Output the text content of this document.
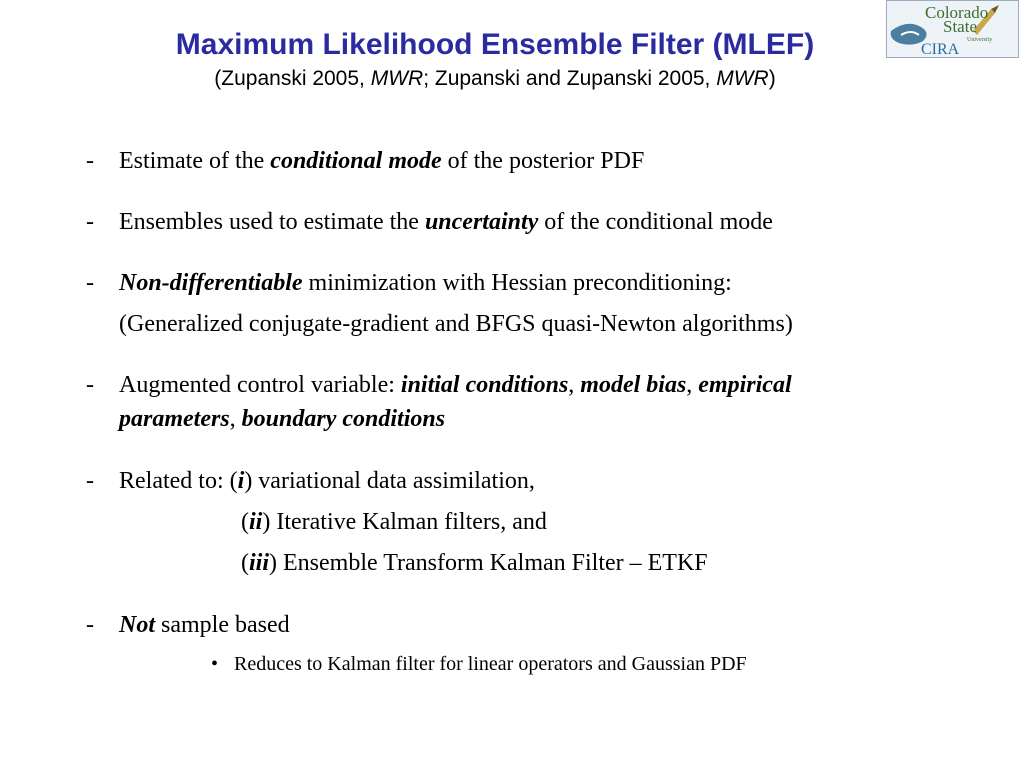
Maximum Likelihood Ensemble Filter (MLEF)
(Zupanski 2005, MWR; Zupanski and Zupanski 2005, MWR)
Colorado
State
University
CIRA
- Estimate of the conditional mode of the posterior PDF
- Ensembles used to estimate the uncertainty of the conditional mode
- Non-differentiable minimization with Hessian preconditioning:
(Generalized conjugate-gradient and BFGS quasi-Newton algorithms)
- Augmented control variable: initial conditions, model bias, empirical
parameters, boundary conditions
- Related to: (i) variational data assimilation,
(ii) Iterative Kalman filters, and
(iii) Ensemble Transform Kalman Filter – ETKF
- Not sample based
• Reduces to Kalman filter for linear operators and Gaussian PDF
